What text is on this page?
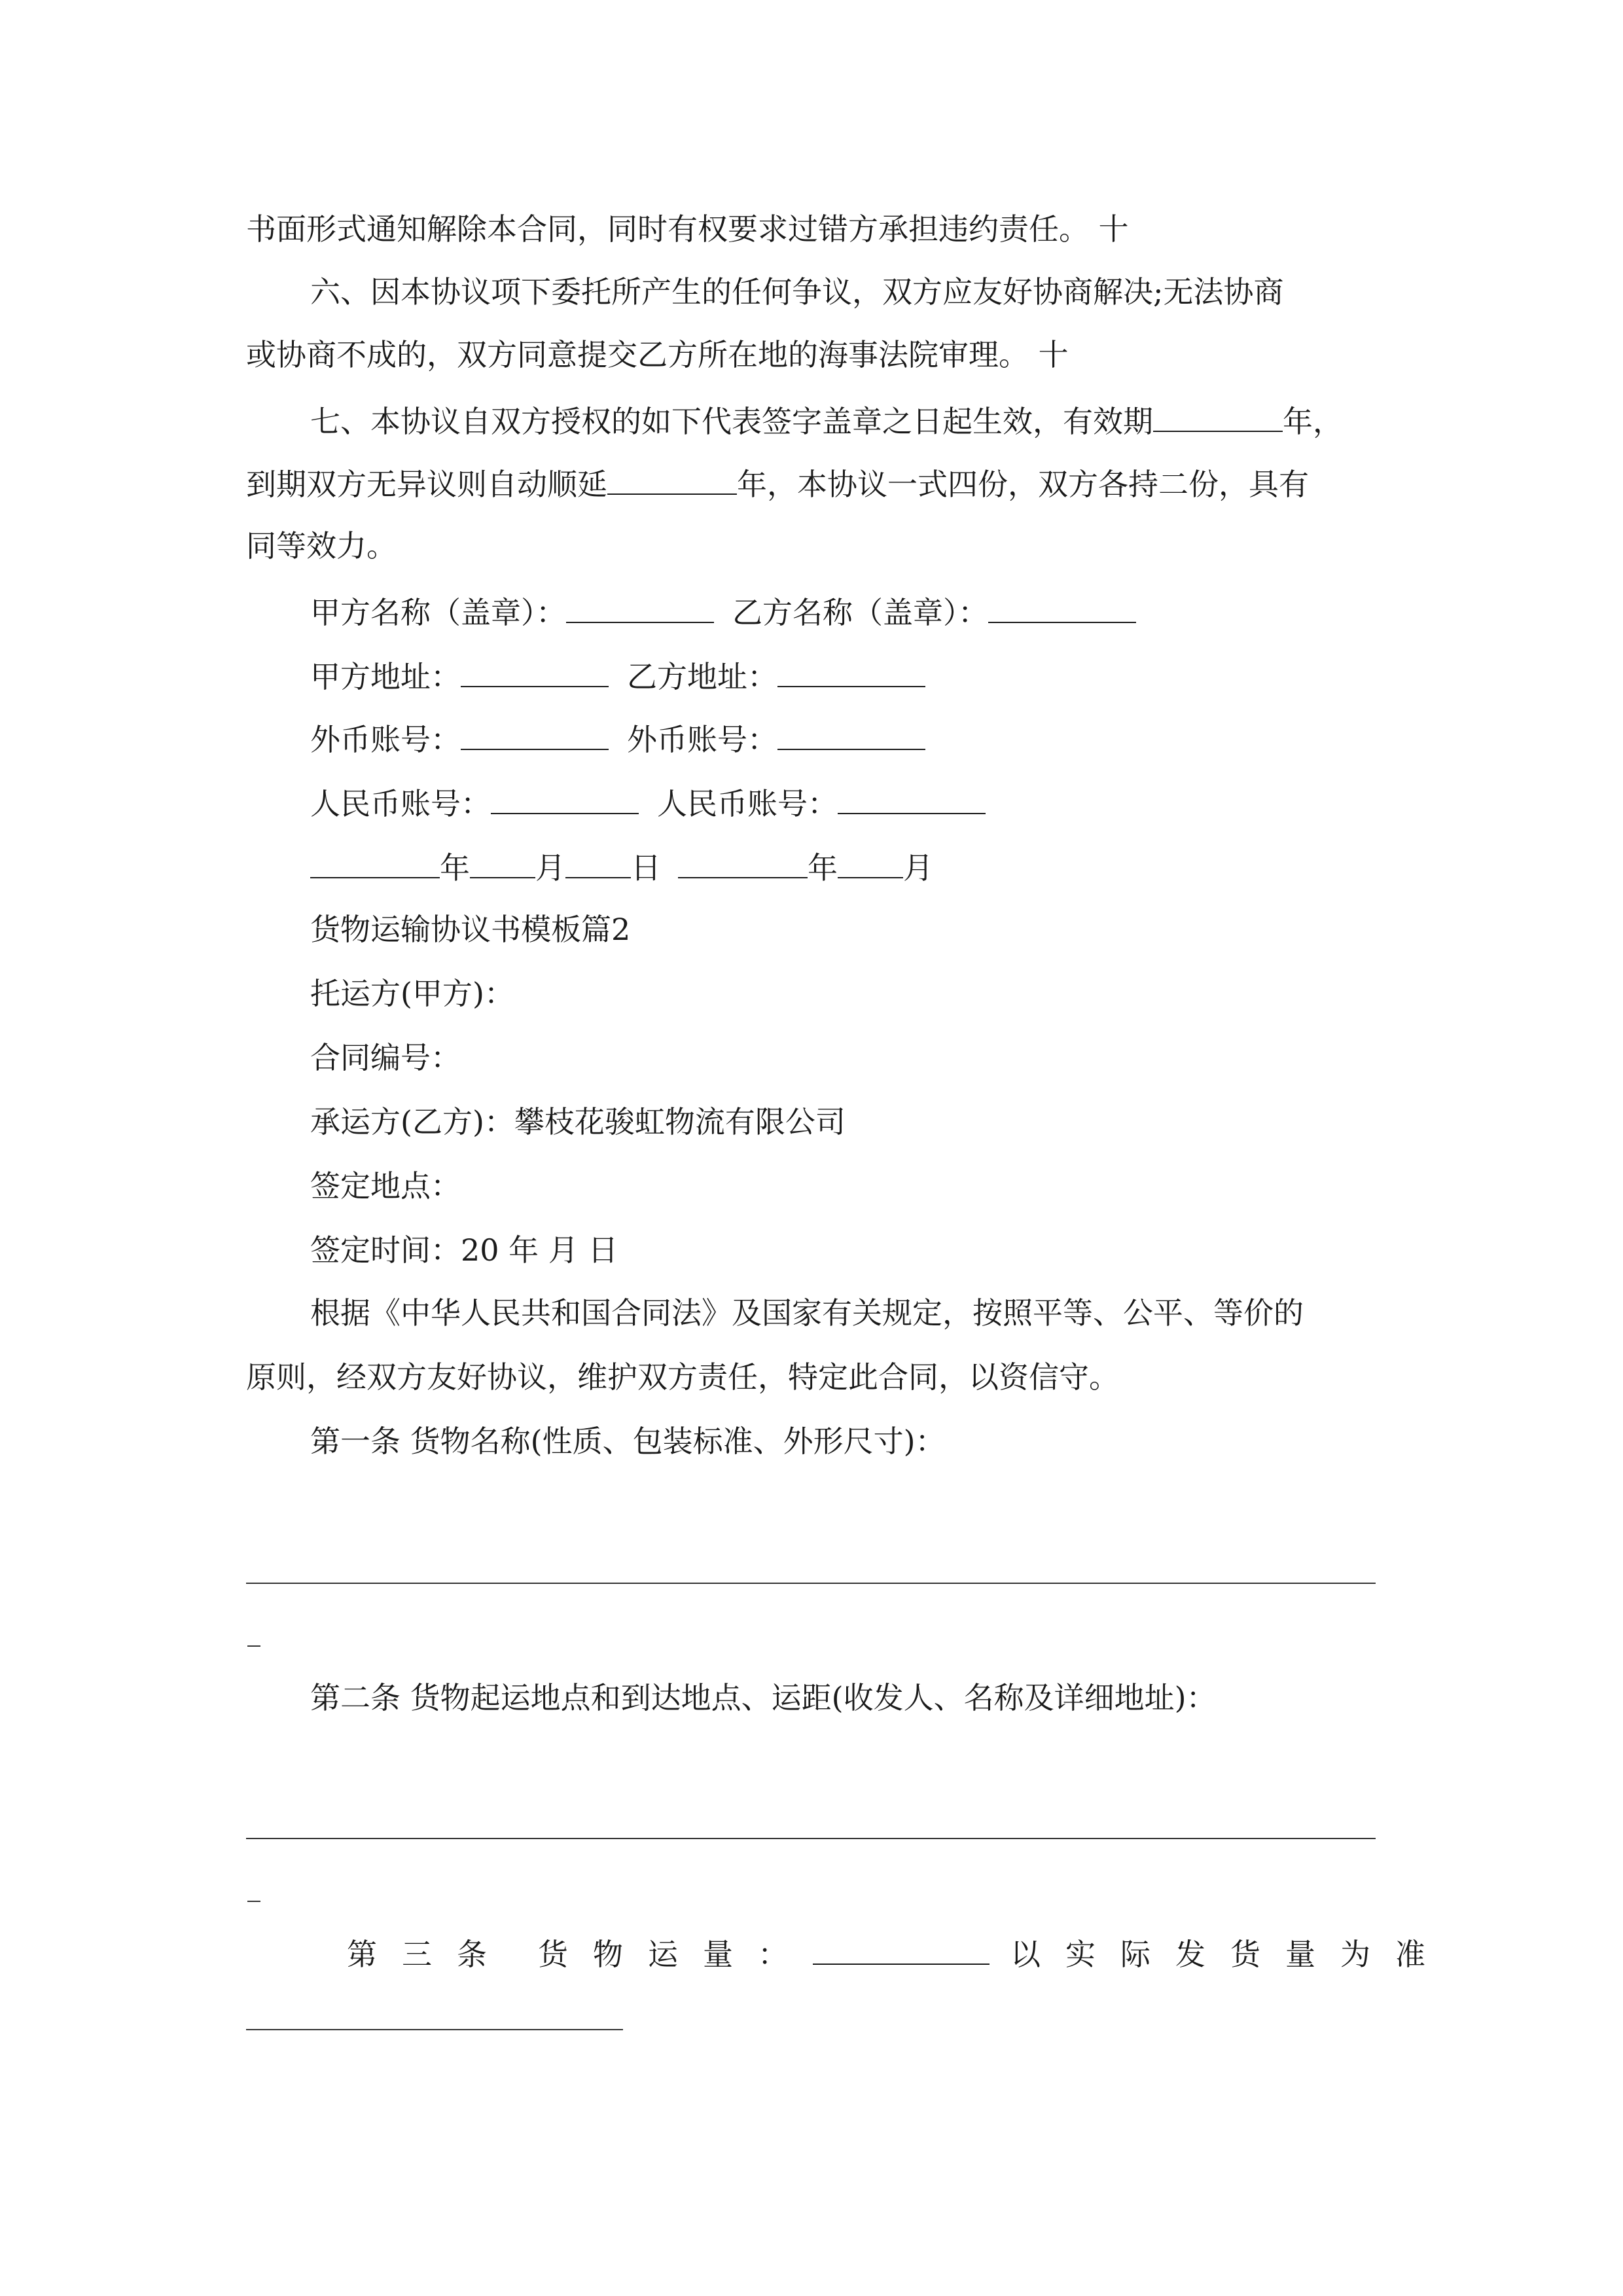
书面形式通知解除本合同，同时有权要求过错方承担违约责任。 十
六、因本协议项下委托所产生的任何争议，双方应友好协商解决;无法协商
或协商不成的，双方同意提交乙方所在地的海事法院审理。 十
七、本协议自双方授权的如下代表签字盖章之日起生效，有效期	年，
到期双方无异议则自动顺延	年，本协议一式四份，双方各持二份，具有
同等效力。
甲方名称（盖章）：	乙方名称（盖章）：
甲方地址：	乙方地址：
外币账号：	外币账号：
人民币账号：	人民币账号：
年 月 日	年 月
货物运输协议书模板篇2
托运方(甲方)：
合同编号：
承运方(乙方)：攀枝花骏虹物流有限公司
签定地点：
签定时间：20 年 月 日
根据《中华人民共和国合同法》及国家有关规定，按照平等、公平、等价的
原则，经双方友好协议，维护双方责任，特定此合同，以资信守。
第一条 货物名称(性质、包装标准、外形尺寸)：
第二条 货物起运地点和到达地点、运距(收发人、名称及详细地址)：
第三条 货物运量：	以实际发货量为准
